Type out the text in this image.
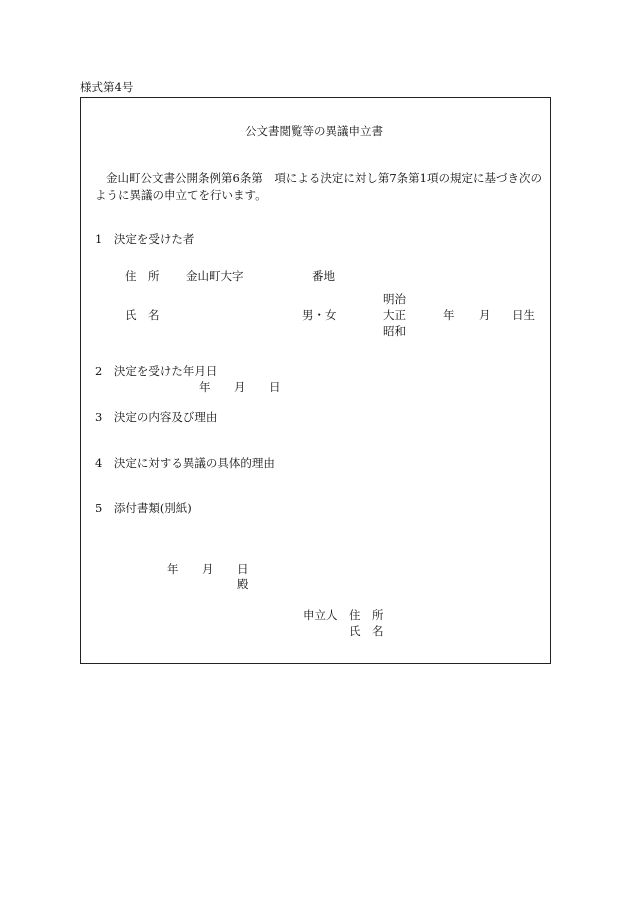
様式第4号
公文書閲覧等の異議申立書
金山町公文書公開条例第6条第　項による決定に対し第7条第1項の規定に基づき次のように異議の申立てを行います。
1　決定を受けた者
住　所 金山町大字	番地
明治
氏　名	男・女	大正	年 月 日生
昭和
2　決定を受けた年月日
年 月 日
3　決定の内容及び理由
4　決定に対する異議の具体的理由
5　添付書類(別紙)
年 月 日
殿
申立人 住　所
氏　名
